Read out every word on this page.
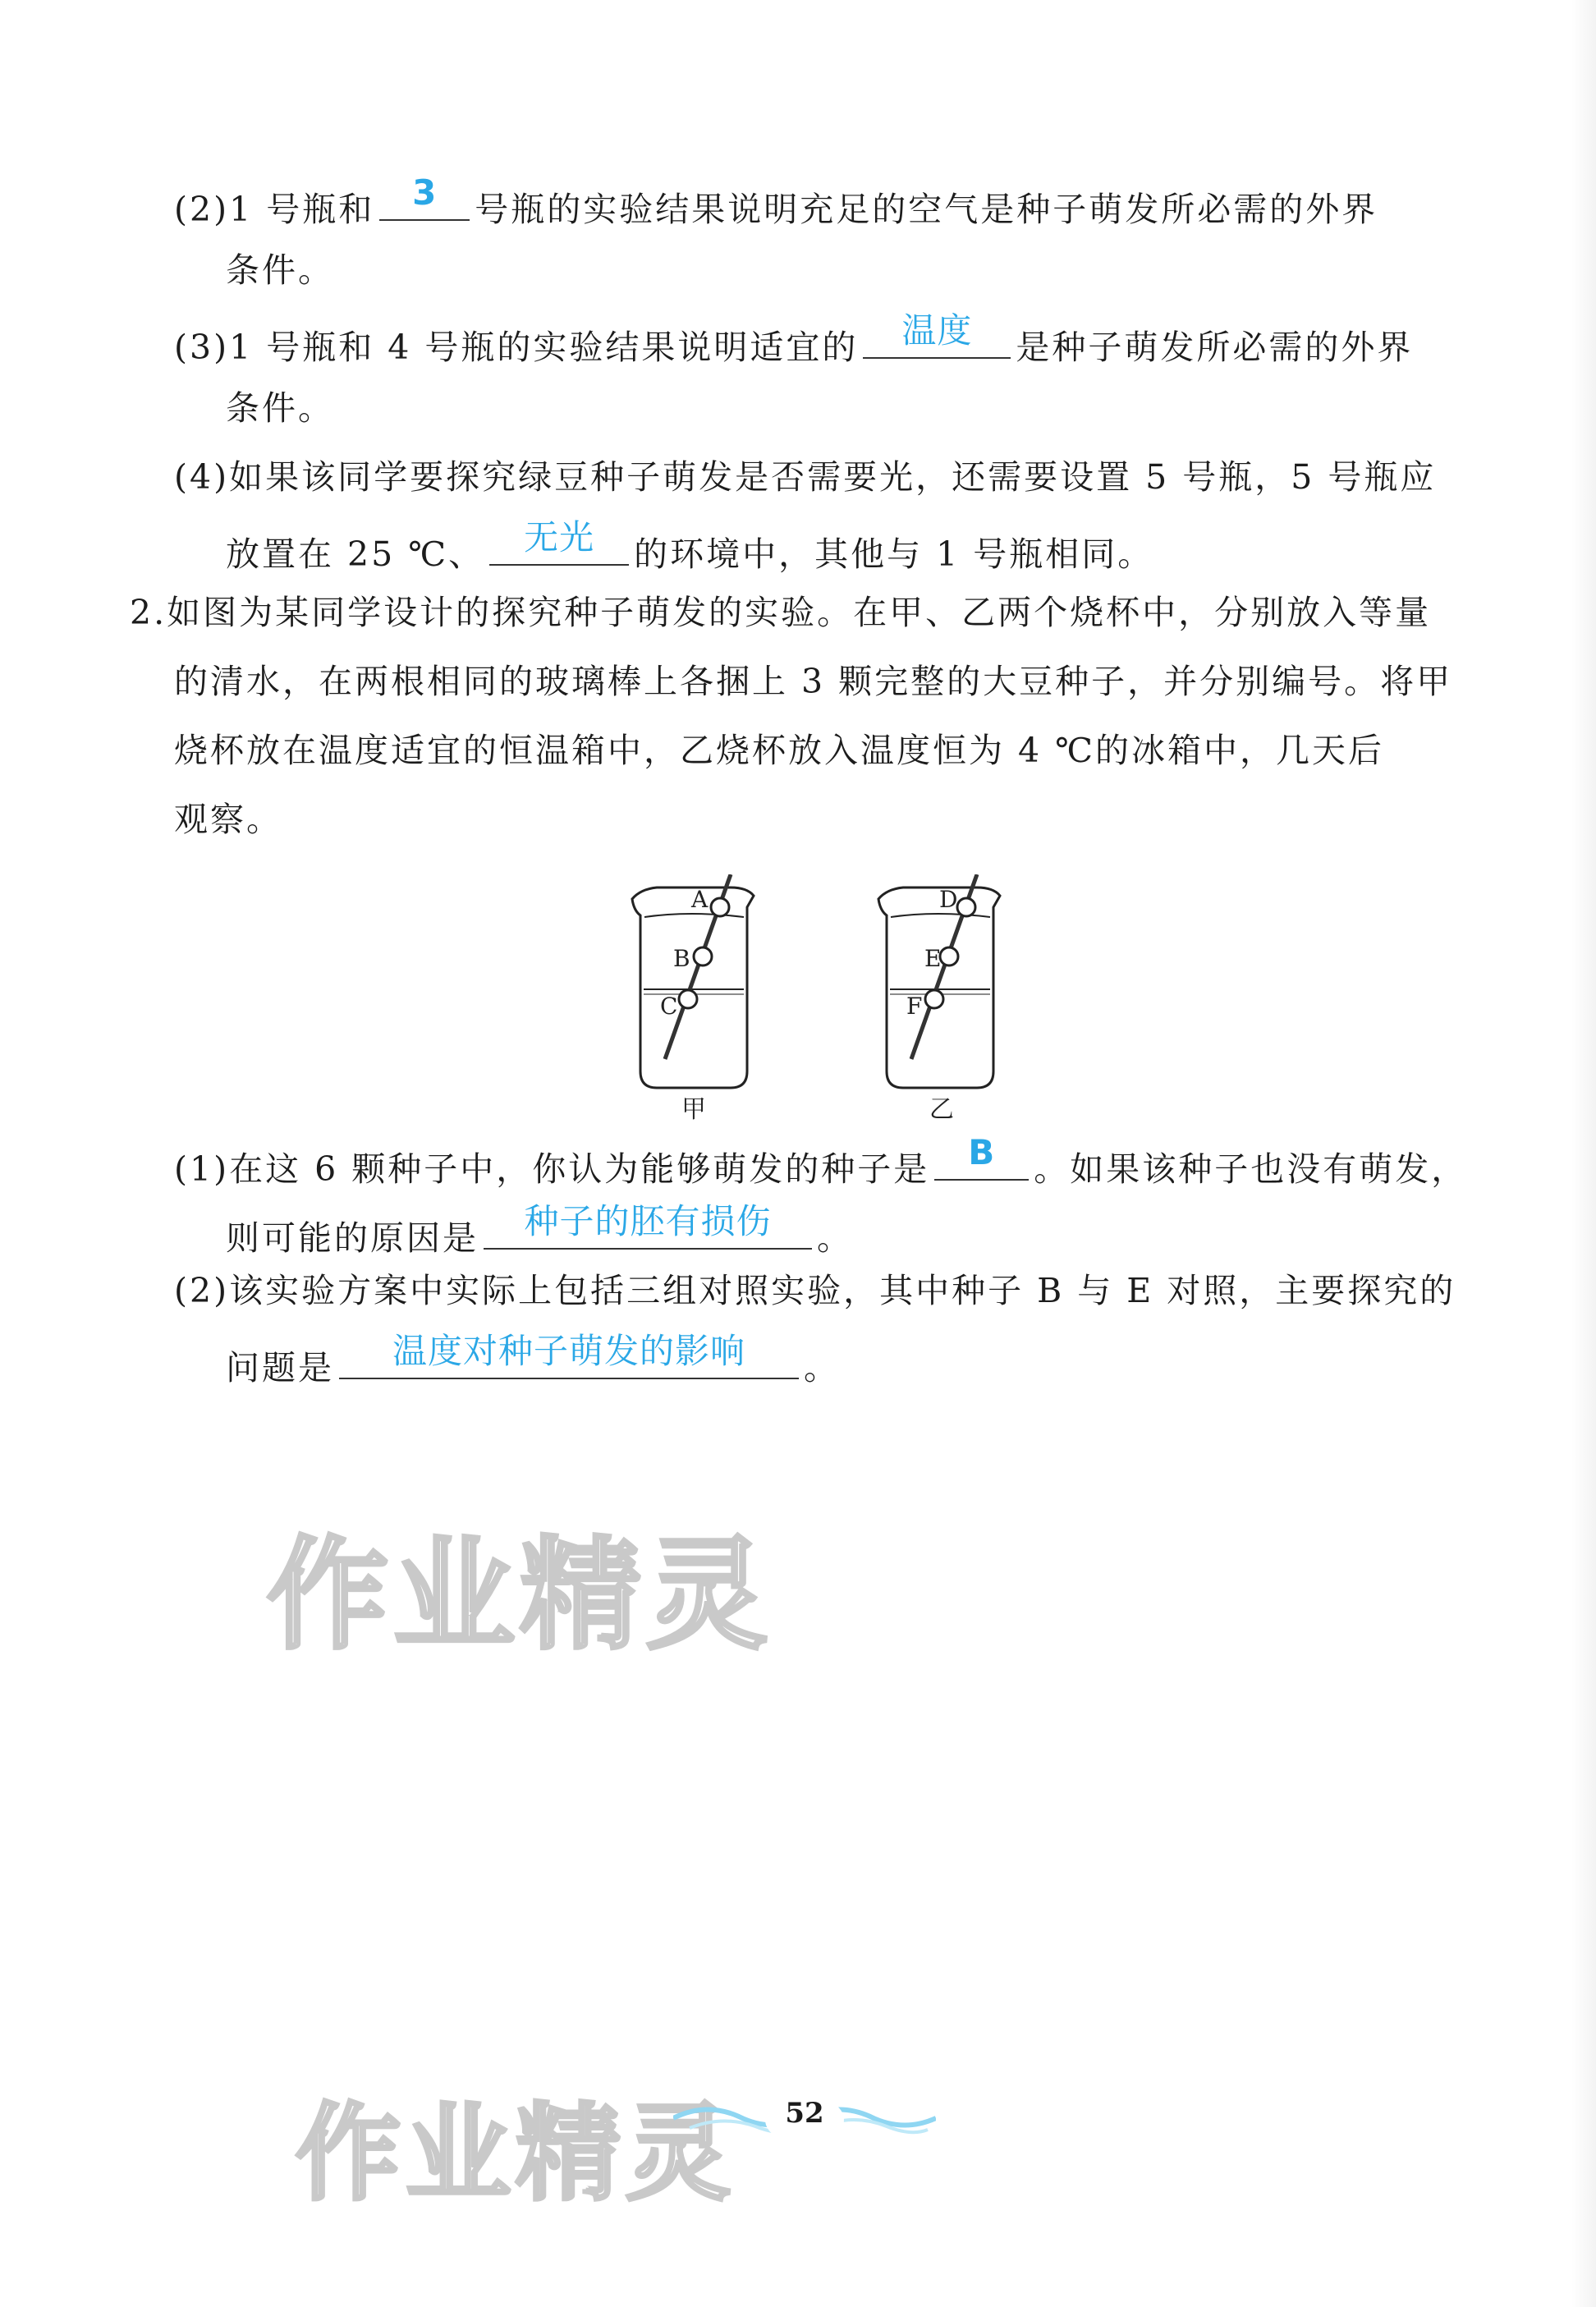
(2)1 号瓶和	3	号瓶的实验结果说明充足的空气是种子萌发所必需的外界
条件。
(3)1 号瓶和 4 号瓶的实验结果说明适宜的	温度	是种子萌发所必需的外界
条件。
(4)如果该同学要探究绿豆种子萌发是否需要光，还需要设置 5 号瓶，5 号瓶应
放置在 25 ℃、	无光	的环境中，其他与 1 号瓶相同。
2.如图为某同学设计的探究种子萌发的实验。在甲、乙两个烧杯中，分别放入等量
的清水，在两根相同的玻璃棒上各捆上 3 颗完整的大豆种子，并分别编号。将甲
烧杯放在温度适宜的恒温箱中，乙烧杯放入温度恒为 4 ℃的冰箱中，几天后
观察。
A
B
C
甲
D
E
F
乙
(1)在这 6 颗种子中，你认为能够萌发的种子是	B	。如果该种子也没有萌发，
则可能的原因是	种子的胚有损伤	。
(2)该实验方案中实际上包括三组对照实验，其中种子 B 与 E 对照，主要探究的
问题是	温度对种子萌发的影响	。
作业精灵
作业精灵	52
